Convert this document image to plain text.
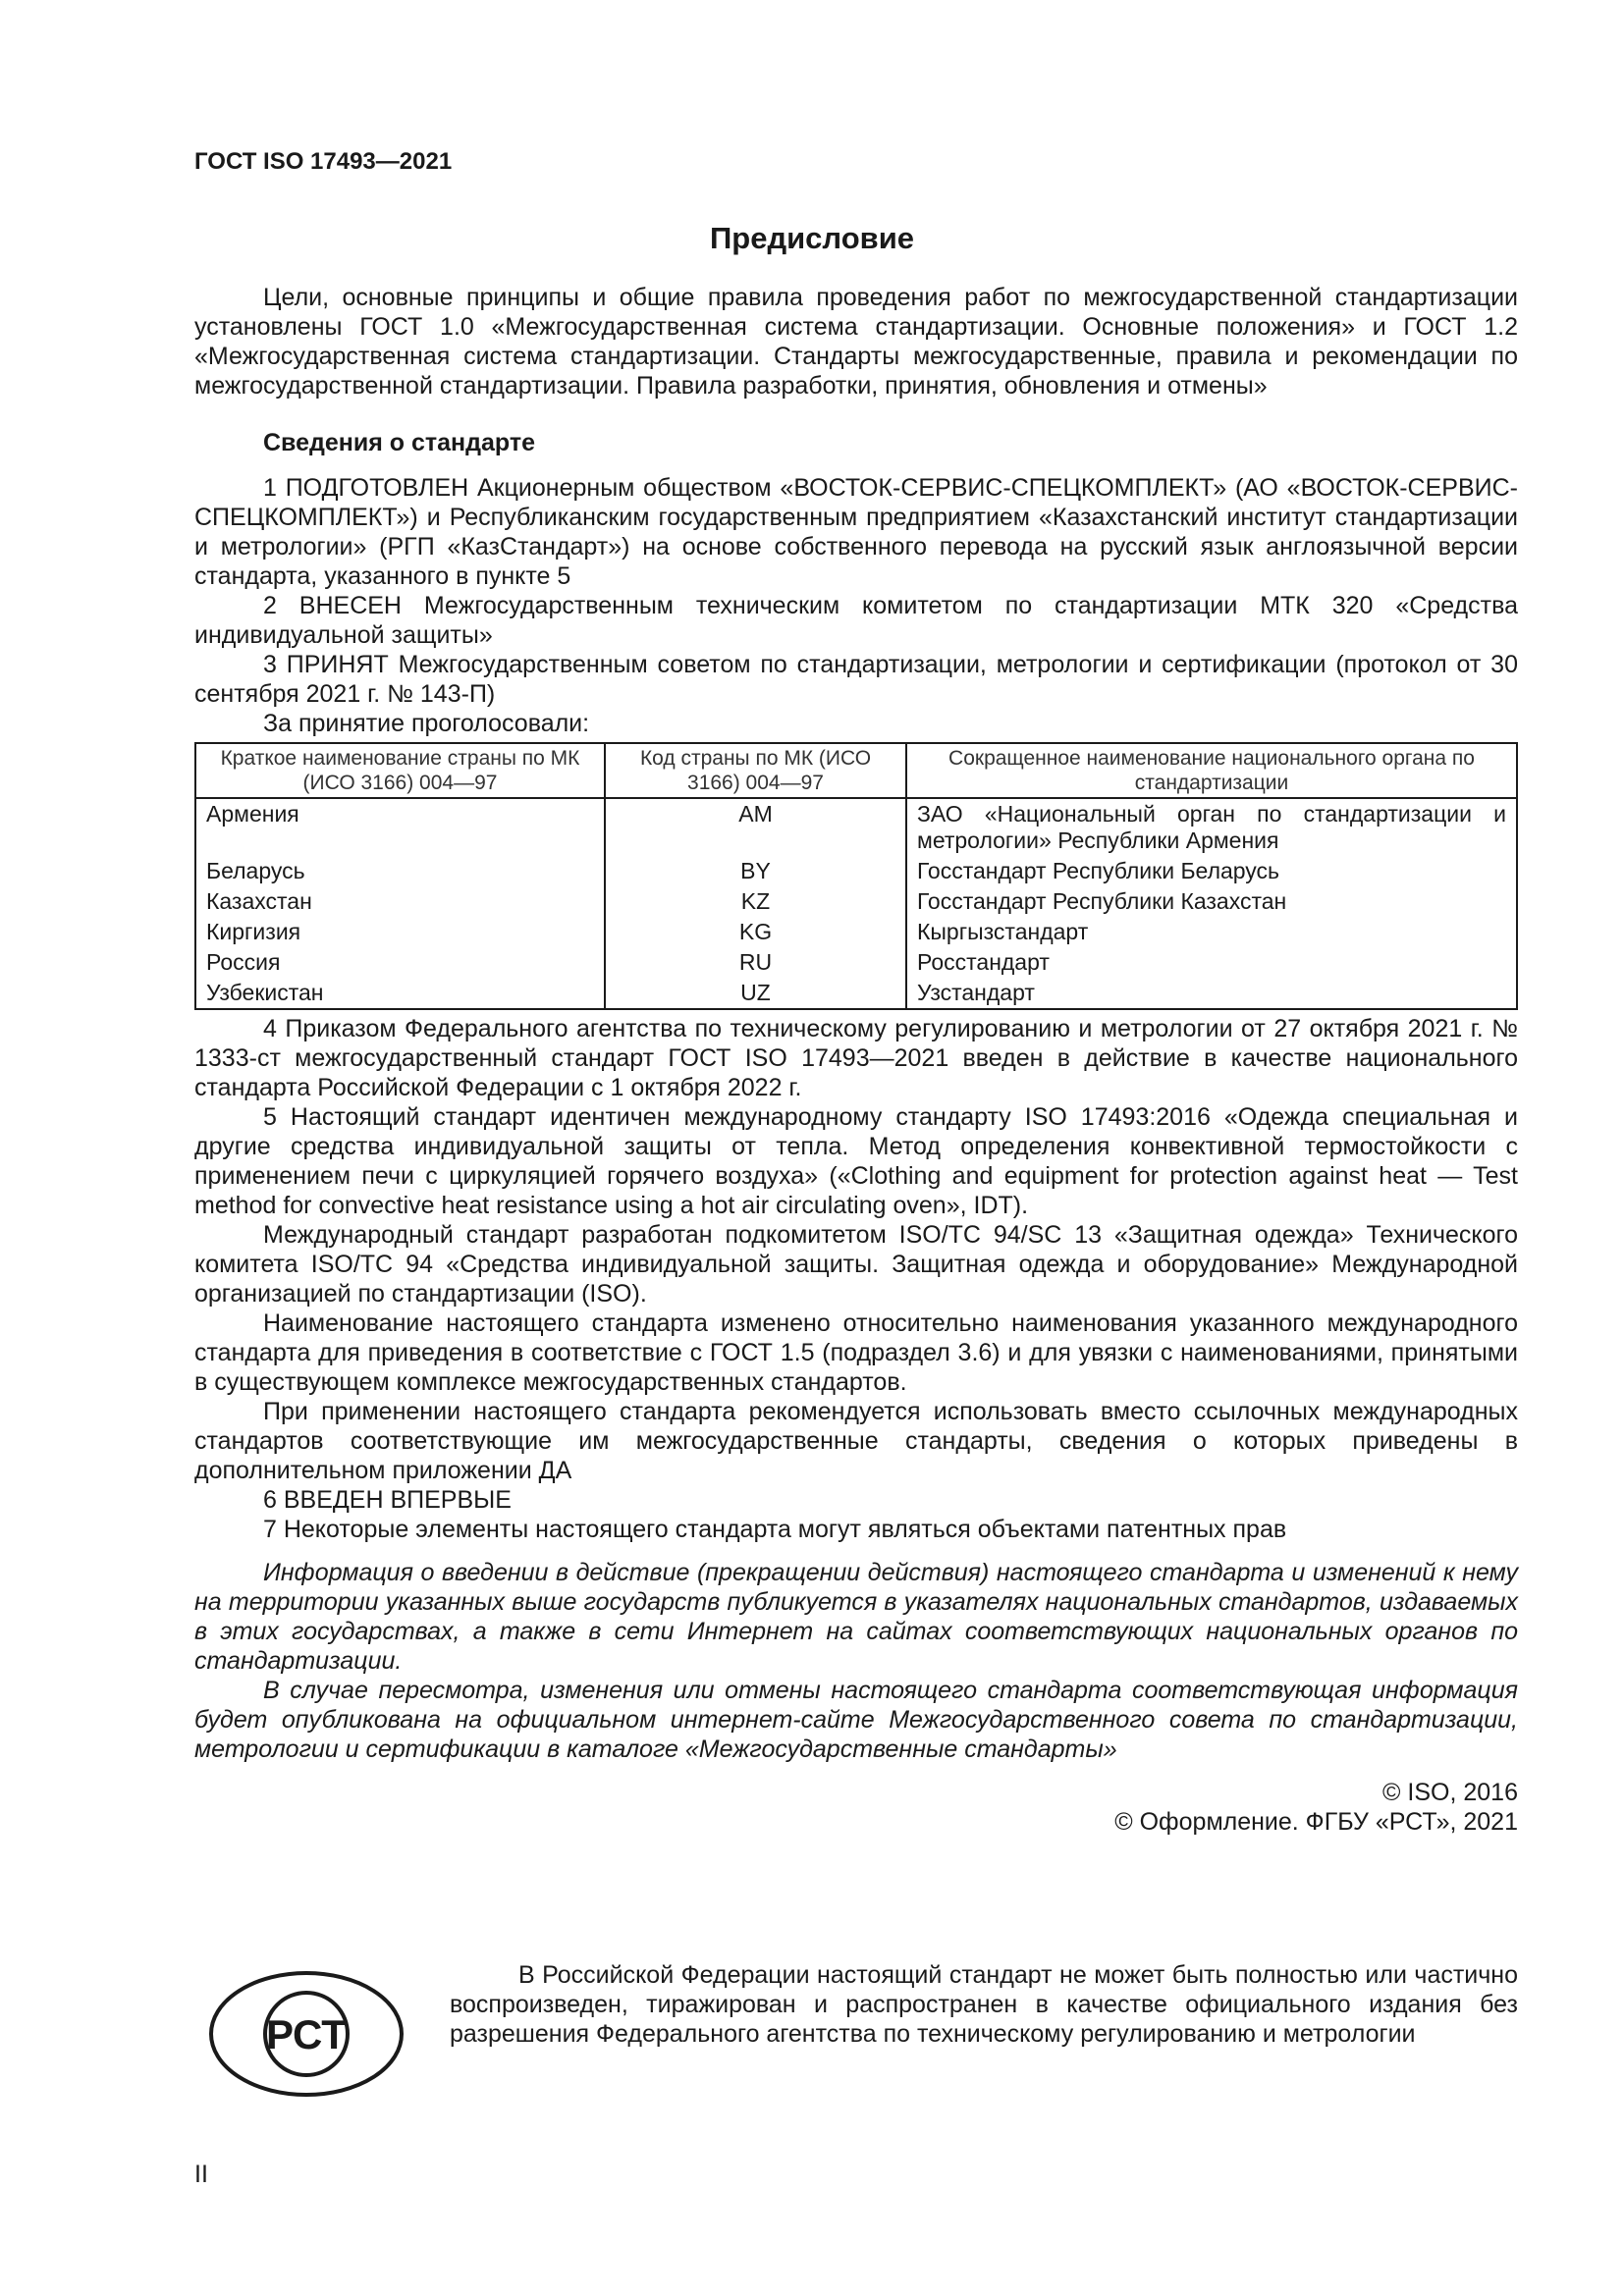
ГОСТ ISO 17493—2021
Предисловие

Цели, основные принципы и общие правила проведения работ по межгосударственной стандартизации установлены ГОСТ 1.0 «Межгосударственная система стандартизации. Основные положения» и ГОСТ 1.2 «Межгосударственная система стандартизации. Стандарты межгосударственные, правила и рекомендации по межгосударственной стандартизации. Правила разработки, принятия, обновления и отмены»

Сведения о стандарте

1 ПОДГОТОВЛЕН Акционерным обществом «ВОСТОК-СЕРВИС-СПЕЦКОМПЛЕКТ» (АО «ВОСТОК-СЕРВИС-СПЕЦКОМПЛЕКТ») и Республиканским государственным предприятием «Казахстанский институт стандартизации и метрологии» (РГП «КазСтандарт») на основе собственного перевода на русский язык англоязычной версии стандарта, указанного в пункте 5

2 ВНЕСЕН Межгосударственным техническим комитетом по стандартизации МТК 320 «Средства индивидуальной защиты»

3 ПРИНЯТ Межгосударственным советом по стандартизации, метрологии и сертификации (протокол от 30 сентября 2021 г. № 143-П)

За принятие проголосовали:

Краткое наименование страны по МК (ИСО 3166) 004—97	Код страны по МК (ИСО 3166) 004—97	Сокращенное наименование национального органа по стандартизации
Армения	AM	ЗАО «Национальный орган по стандартизации и метрологии» Республики Армения
Беларусь	BY	Госстандарт Республики Беларусь
Казахстан	KZ	Госстандарт Республики Казахстан
Киргизия	KG	Кыргызстандарт
Россия	RU	Росстандарт
Узбекистан	UZ	Узстандарт

4 Приказом Федерального агентства по техническому регулированию и метрологии от 27 октября 2021 г. № 1333-ст межгосударственный стандарт ГОСТ ISO 17493—2021 введен в действие в качестве национального стандарта Российской Федерации с 1 октября 2022 г.

5 Настоящий стандарт идентичен международному стандарту ISO 17493:2016 «Одежда специальная и другие средства индивидуальной защиты от тепла. Метод определения конвективной термостойкости с применением печи с циркуляцией горячего воздуха» («Clothing and equipment for protection against heat — Test method for convective heat resistance using a hot air circulating oven», IDT).

Международный стандарт разработан подкомитетом ISO/TC 94/SC 13 «Защитная одежда» Технического комитета ISO/TC 94 «Средства индивидуальной защиты. Защитная одежда и оборудование» Международной организацией по стандартизации (ISO).

Наименование настоящего стандарта изменено относительно наименования указанного международного стандарта для приведения в соответствие с ГОСТ 1.5 (подраздел 3.6) и для увязки с наименованиями, принятыми в существующем комплексе межгосударственных стандартов.

При применении настоящего стандарта рекомендуется использовать вместо ссылочных международных стандартов соответствующие им межгосударственные стандарты, сведения о которых приведены в дополнительном приложении ДА

6 ВВЕДЕН ВПЕРВЫЕ

7 Некоторые элементы настоящего стандарта могут являться объектами патентных прав

Информация о введении в действие (прекращении действия) настоящего стандарта и изменений к нему на территории указанных выше государств публикуется в указателях национальных стандартов, издаваемых в этих государствах, а также в сети Интернет на сайтах соответствующих национальных органов по стандартизации.

В случае пересмотра, изменения или отмены настоящего стандарта соответствующая информация будет опубликована на официальном интернет-сайте Межгосударственного совета по стандартизации, метрологии и сертификации в каталоге «Межгосударственные стандарты»

© ISO, 2016

© Оформление. ФГБУ «РСТ», 2021

РСТ

В Российской Федерации настоящий стандарт не может быть полностью или частично воспроизведен, тиражирован и распространен в качестве официального издания без разрешения Федерального агентства по техническому регулированию и метрологии

II
